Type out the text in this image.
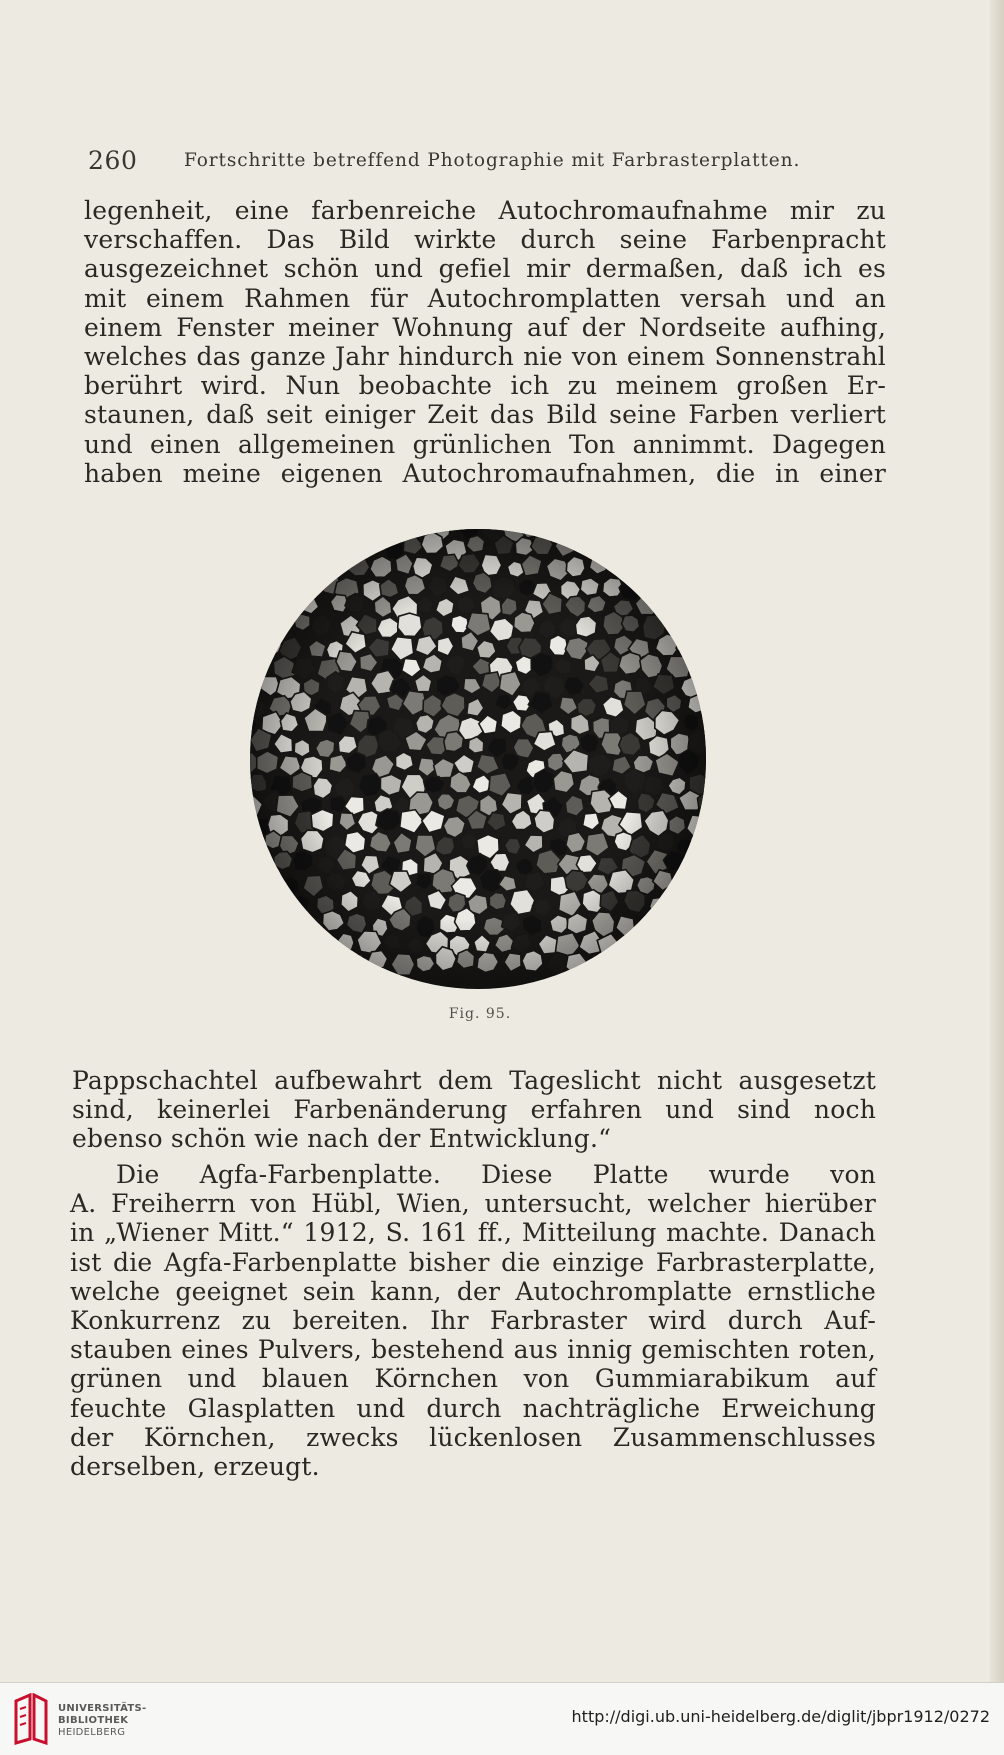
260	Fortschritte betreffend Photographie mit Farbrasterplatten.
legenheit, eine farbenreiche Autochromaufnahme mir zu
verschaffen. Das Bild wirkte durch seine Farbenpracht
ausgezeichnet schön und gefiel mir dermaßen, daß ich es
mit einem Rahmen für Autochromplatten versah und an
einem Fenster meiner Wohnung auf der Nordseite aufhing,
welches das ganze Jahr hindurch nie von einem Sonnenstrahl
berührt wird. Nun beobachte ich zu meinem großen Er-
staunen, daß seit einiger Zeit das Bild seine Farben verliert
und einen allgemeinen grünlichen Ton annimmt. Dagegen
haben meine eigenen Autochromaufnahmen, die in einer
Fig. 95.
Pappschachtel aufbewahrt dem Tageslicht nicht ausgesetzt
sind, keinerlei Farbenänderung erfahren und sind noch
ebenso schön wie nach der Entwicklung.“
Die Agfa-Farbenplatte. Diese Platte wurde von
A. Freiherrn von Hübl, Wien, untersucht, welcher hierüber
in „Wiener Mitt.“ 1912, S. 161 ff., Mitteilung machte. Danach
ist die Agfa-Farbenplatte bisher die einzige Farbrasterplatte,
welche geeignet sein kann, der Autochromplatte ernstliche
Konkurrenz zu bereiten. Ihr Farbraster wird durch Auf-
stauben eines Pulvers, bestehend aus innig gemischten roten,
grünen und blauen Körnchen von Gummiarabikum auf
feuchte Glasplatten und durch nachträgliche Erweichung
der Körnchen, zwecks lückenlosen Zusammenschlusses
derselben, erzeugt.
UNIVERSITÄTS-
BIBLIOTHEK
HEIDELBERG
http://digi.ub.uni-heidelberg.de/diglit/jbpr1912/0272
